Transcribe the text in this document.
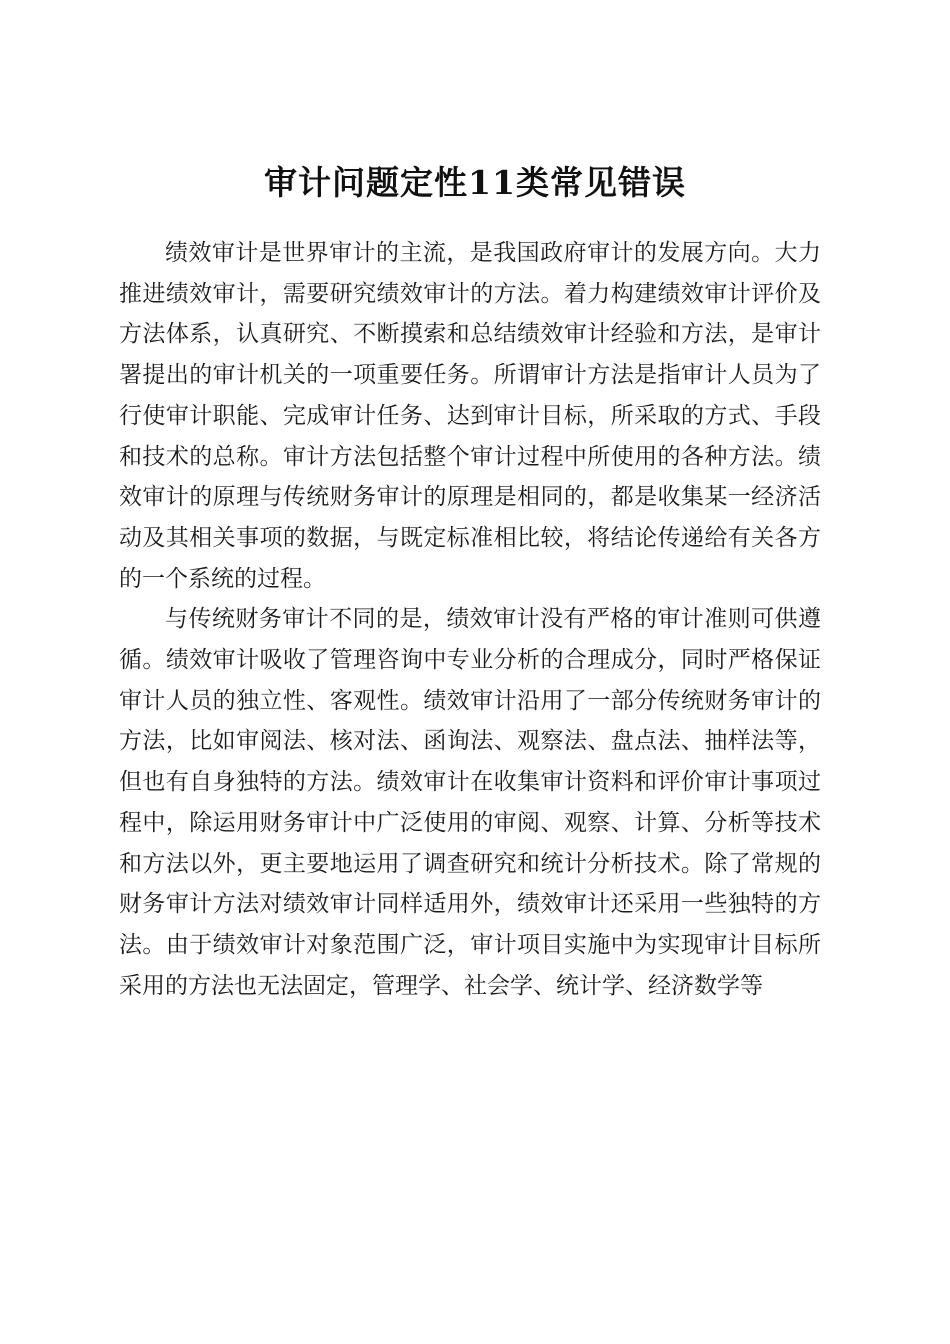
审计问题定性11类常见错误

绩效审计是世界审计的主流，是我国政府审计的发展方向。大力推进绩效审计，需要研究绩效审计的方法。着力构建绩效审计评价及方法体系，认真研究、不断摸索和总结绩效审计经验和方法，是审计署提出的审计机关的一项重要任务。所谓审计方法是指审计人员为了行使审计职能、完成审计任务、达到审计目标，所采取的方式、手段和技术的总称。审计方法包括整个审计过程中所使用的各种方法。绩效审计的原理与传统财务审计的原理是相同的，都是收集某一经济活动及其相关事项的数据，与既定标准相比较，将结论传递给有关各方的一个系统的过程。

与传统财务审计不同的是，绩效审计没有严格的审计准则可供遵循。绩效审计吸收了管理咨询中专业分析的合理成分，同时严格保证审计人员的独立性、客观性。绩效审计沿用了一部分传统财务审计的方法，比如审阅法、核对法、函询法、观察法、盘点法、抽样法等，但也有自身独特的方法。绩效审计在收集审计资料和评价审计事项过程中，除运用财务审计中广泛使用的审阅、观察、计算、分析等技术和方法以外，更主要地运用了调查研究和统计分析技术。除了常规的财务审计方法对绩效审计同样适用外，绩效审计还采用一些独特的方法。由于绩效审计对象范围广泛，审计项目实施中为实现审计目标所采用的方法也无法固定，管理学、社会学、统计学、经济数学等
